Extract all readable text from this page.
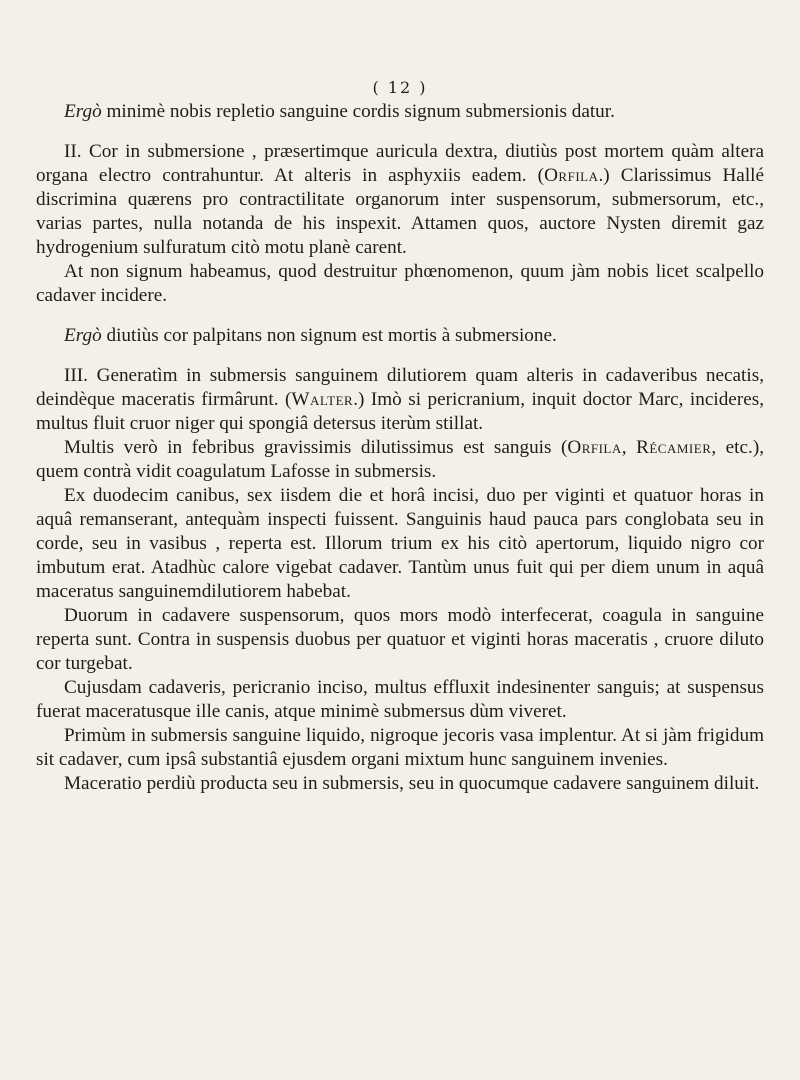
( 12 )

Ergò minimè nobis repletio sanguine cordis signum submersionis datur.

II. Cor in submersione , præsertimque auricula dextra, diutiùs post mortem quàm altera organa electro contrahuntur. At alteris in asphyxiis eadem. (Orfila.) Clarissimus Hallé discrimina quærens pro contractilitate organorum inter suspensorum, submersorum, etc., varias partes, nulla notanda de his inspexit. Attamen quos, auctore Nysten diremit gaz hydrogenium sulfuratum citò motu planè carent.

At non signum habeamus, quod destruitur phœnomenon, quum jàm nobis licet scalpello cadaver incidere.

Ergò diutiùs cor palpitans non signum est mortis à submersione.

III. Generatìm in submersis sanguinem dilutiorem quam alteris in cadaveribus necatis, deindèque maceratis firmârunt. (Walter.) Imò si pericranium, inquit doctor Marc, incideres, multus fluit cruor niger qui spongiâ detersus iterùm stillat.

Multis verò in febribus gravissimis dilutissimus est sanguis (Orfila, Récamier, etc.), quem contrà vidit coagulatum Lafosse in submersis.

Ex duodecim canibus, sex iisdem die et horâ incisi, duo per viginti et quatuor horas in aquâ remanserant, antequàm inspecti fuissent. Sanguinis haud pauca pars conglobata seu in corde, seu in vasibus , reperta est. Illorum trium ex his citò apertorum, liquido nigro cor imbutum erat. Atadhùc calore vigebat cadaver. Tantùm unus fuit qui per diem unum in aquâ maceratus sanguinemdilutiorem habebat.

Duorum in cadavere suspensorum, quos mors modò interfecerat, coagula in sanguine reperta sunt. Contra in suspensis duobus per quatuor et viginti horas maceratis , cruore diluto cor turgebat.

Cujusdam cadaveris, pericranio inciso, multus effluxit indesinenter sanguis; at suspensus fuerat maceratusque ille canis, atque minimè submersus dùm viveret.

Primùm in submersis sanguine liquido, nigroque jecoris vasa implentur. At si jàm frigidum sit cadaver, cum ipsâ substantiâ ejusdem organi mixtum hunc sanguinem invenies.

Maceratio perdiù producta seu in submersis, seu in quocumque cadavere sanguinem diluit.
